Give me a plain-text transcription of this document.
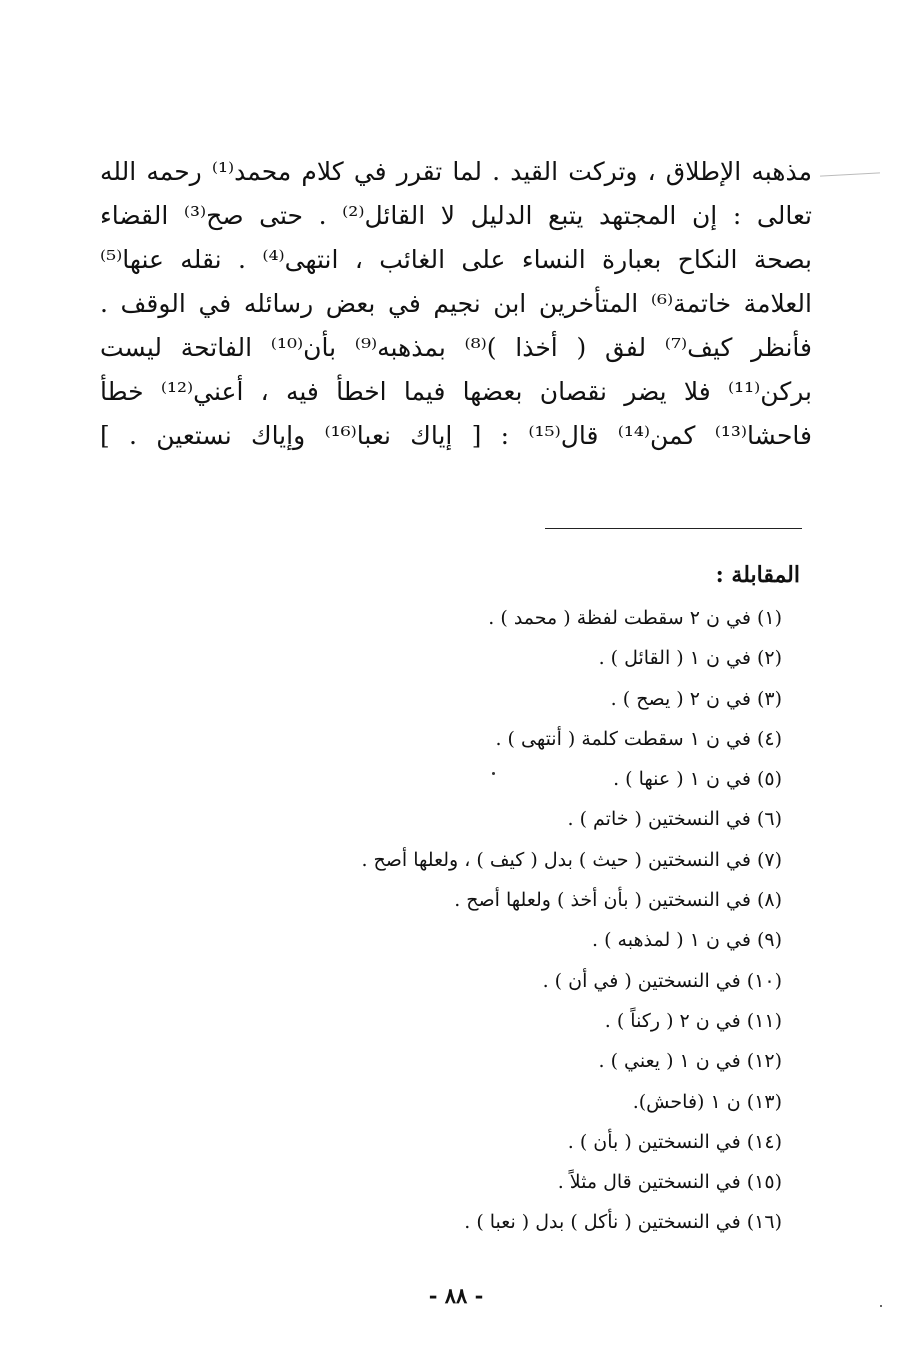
مذهبه الإطلاق ، وتركت القيد . لما تقرر في كلام محمد⁽¹⁾ رحمه الله
تعالى : إن المجتهد يتبع الدليل لا القائل⁽²⁾ . حتى صح⁽³⁾ القضاء
بصحة النكاح بعبارة النساء على الغائب ، انتهى⁽⁴⁾ . نقله عنها⁽⁵⁾
العلامة خاتمة⁽⁶⁾ المتأخرين ابن نجيم في بعض رسائله في الوقف .
فأنظر كيف⁽⁷⁾ لفق ( أخذا )⁽⁸⁾ بمذهبه⁽⁹⁾ بأن⁽¹⁰⁾ الفاتحة ليست
بركن⁽¹¹⁾ فلا يضر نقصان بعضها فيما اخطأ فيه ، أعني⁽¹²⁾ خطأ
فاحشا⁽¹³⁾ كمن⁽¹⁴⁾ قال⁽¹⁵⁾ : [ إياك نعبا⁽¹⁶⁾ وإياك نستعين . ]
المقابلة :
(١) في ن ٢ سقطت لفظة ( محمد ) .
(٢) في ن ١ ( القائل ) .
(٣) في ن ٢ ( يصح ) .
(٤) في ن ١ سقطت كلمة ( أنتهى ) .
(٥) في ن ١ ( عنها ) .
(٦) في النسختين ( خاتم ) .
(٧) في النسختين ( حيث ) بدل ( كيف ) ، ولعلها أصح .
(٨) في النسختين ( بأن أخذ ) ولعلها أصح .
(٩) في ن ١ ( لمذهبه ) .
(١٠) في النسختين ( في أن ) .
(١١) في ن ٢ ( ركناً ) .
(١٢) في ن ١ ( يعني ) .
(١٣) ن ١ (فاحش).
(١٤) في النسختين ( بأن ) .
(١٥) في النسختين قال مثلاً .
(١٦) في النسختين ( نأكل ) بدل ( نعبا ) .
- ٨٨ -
